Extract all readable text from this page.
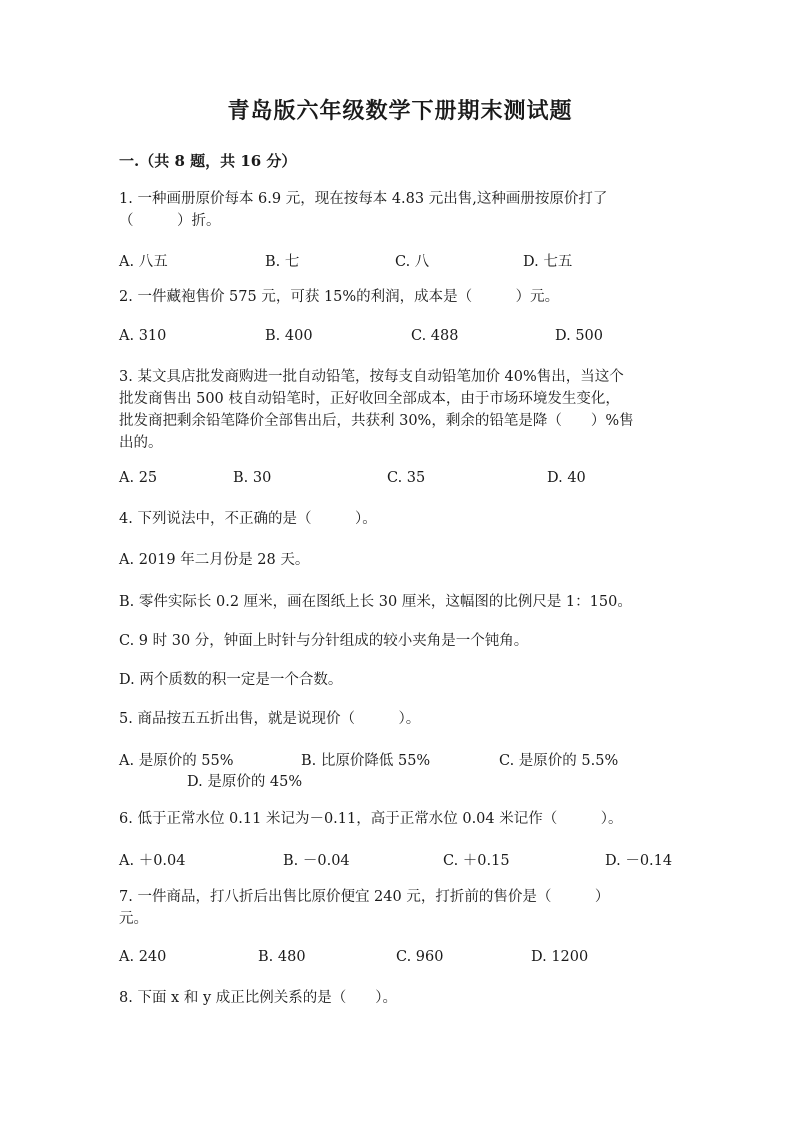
青岛版六年级数学下册期末测试题
一.（共 8 题，共 16 分）
1. 一种画册原价每本 6.9 元，现在按每本 4.83 元出售,这种画册按原价打了
（　　　）折。
A. 八五	B. 七	C. 八	D. 七五
2. 一件藏袍售价 575 元，可获 15%的利润，成本是（　　　）元。
A. 310	B. 400	C. 488	D. 500
3. 某文具店批发商购进一批自动铅笔，按每支自动铅笔加价 40%售出，当这个
批发商售出 500 枝自动铅笔时，正好收回全部成本，由于市场环境发生变化，
批发商把剩余铅笔降价全部售出后，共获利 30%，剩余的铅笔是降（　　）%售
出的。
A. 25	B. 30	C. 35	D. 40
4. 下列说法中，不正确的是（　　　）。
A. 2019 年二月份是 28 天。
B. 零件实际长 0.2 厘米，画在图纸上长 30 厘米，这幅图的比例尺是 1：150。
C. 9 时 30 分，钟面上时针与分针组成的较小夹角是一个钝角。
D. 两个质数的积一定是一个合数。
5. 商品按五五折出售，就是说现价（　　　）。
A. 是原价的 55%	B. 比原价降低 55%	C. 是原价的 5.5%
D. 是原价的 45%
6. 低于正常水位 0.11 米记为－0.11，高于正常水位 0.04 米记作（　　　）。
A. ＋0.04	B. －0.04	C. ＋0.15	D. －0.14
7. 一件商品，打八折后出售比原价便宜 240 元，打折前的售价是（　　　）
元。
A. 240	B. 480	C. 960	D. 1200
8. 下面 x 和 y 成正比例关系的是（　　）。
